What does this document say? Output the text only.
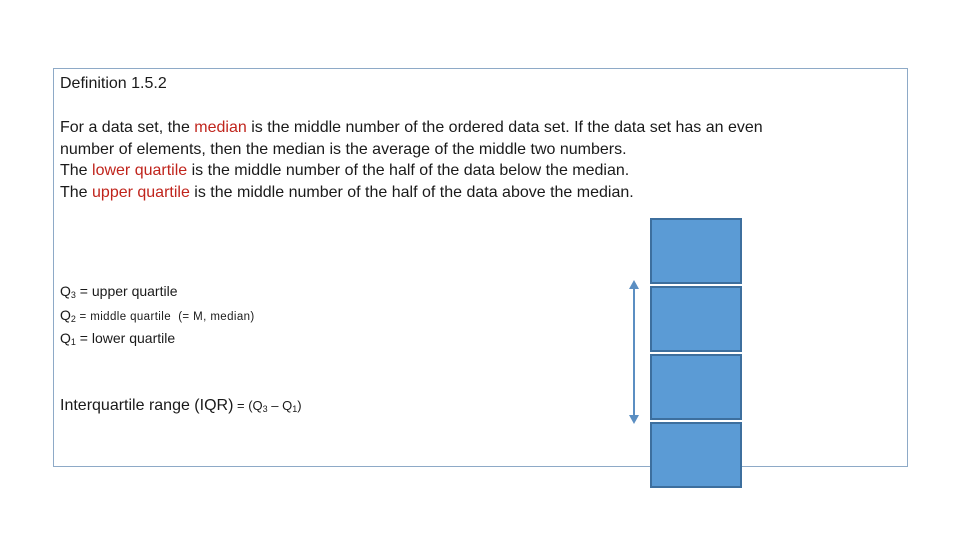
Definition 1.5.2
For a data set, the median is the middle number of the ordered data set. If the data set has an even
number of elements, then the median is the average of the middle two numbers.
The lower quartile is the middle number of the half of the data below the median.
The upper quartile is the middle number of the half of the data above the median.
$Q_3$ = upper quartile
$Q_2$ = middle quartile  (= M, median)
$Q_1$ = lower quartile
Interquartile range $(IQR) = (Q_3 - Q_1)$
